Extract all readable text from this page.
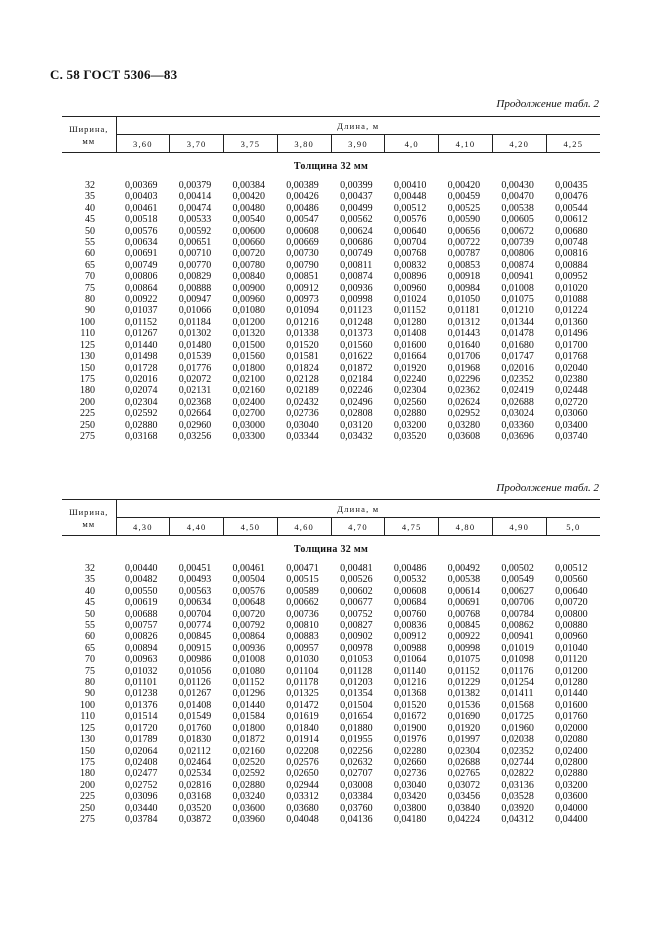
С. 58 ГОСТ 5306—83
Продолжение табл. 2
Ширина,
мм	Длина, м								
	3,60	3,70	3,75	3,80	3,90	4,0	4,10	4,20	4,25
Толщина 32 мм									

32	0,00369	0,00379	0,00384	0,00389	0,00399	0,00410	0,00420	0,00430	0,00435
35	0,00403	0,00414	0,00420	0,00426	0,00437	0,00448	0,00459	0,00470	0,00476
40	0,00461	0,00474	0,00480	0,00486	0,00499	0,00512	0,00525	0,00538	0,00544
45	0,00518	0,00533	0,00540	0,00547	0,00562	0,00576	0,00590	0,00605	0,00612
50	0,00576	0,00592	0,00600	0,00608	0,00624	0,00640	0,00656	0,00672	0,00680
55	0,00634	0,00651	0,00660	0,00669	0,00686	0,00704	0,00722	0,00739	0,00748
60	0,00691	0,00710	0,00720	0,00730	0,00749	0,00768	0,00787	0,00806	0,00816
65	0,00749	0,00770	0,00780	0,00790	0,00811	0,00832	0,00853	0,00874	0,00884
70	0,00806	0,00829	0,00840	0,00851	0,00874	0,00896	0,00918	0,00941	0,00952
75	0,00864	0,00888	0,00900	0,00912	0,00936	0,00960	0,00984	0,01008	0,01020
80	0,00922	0,00947	0,00960	0,00973	0,00998	0,01024	0,01050	0,01075	0,01088
90	0,01037	0,01066	0,01080	0,01094	0,01123	0,01152	0,01181	0,01210	0,01224
100	0,01152	0,01184	0,01200	0,01216	0,01248	0,01280	0,01312	0,01344	0,01360
110	0,01267	0,01302	0,01320	0,01338	0,01373	0,01408	0,01443	0,01478	0,01496
125	0,01440	0,01480	0,01500	0,01520	0,01560	0,01600	0,01640	0,01680	0,01700
130	0,01498	0,01539	0,01560	0,01581	0,01622	0,01664	0,01706	0,01747	0,01768
150	0,01728	0,01776	0,01800	0,01824	0,01872	0,01920	0,01968	0,02016	0,02040
175	0,02016	0,02072	0,02100	0,02128	0,02184	0,02240	0,02296	0,02352	0,02380
180	0,02074	0,02131	0,02160	0,02189	0,02246	0,02304	0,02362	0,02419	0,02448
200	0,02304	0,02368	0,02400	0,02432	0,02496	0,02560	0,02624	0,02688	0,02720
225	0,02592	0,02664	0,02700	0,02736	0,02808	0,02880	0,02952	0,03024	0,03060
250	0,02880	0,02960	0,03000	0,03040	0,03120	0,03200	0,03280	0,03360	0,03400
275	0,03168	0,03256	0,03300	0,03344	0,03432	0,03520	0,03608	0,03696	0,03740
Продолжение табл. 2
Ширина,
мм	Длина, м								
	4,30	4,40	4,50	4,60	4,70	4,75	4,80	4,90	5,0
Толщина 32 мм									

32	0,00440	0,00451	0,00461	0,00471	0,00481	0,00486	0,00492	0,00502	0,00512
35	0,00482	0,00493	0,00504	0,00515	0,00526	0,00532	0,00538	0,00549	0,00560
40	0,00550	0,00563	0,00576	0,00589	0,00602	0,00608	0,00614	0,00627	0,00640
45	0,00619	0,00634	0,00648	0,00662	0,00677	0,00684	0,00691	0,00706	0,00720
50	0,00688	0,00704	0,00720	0,00736	0,00752	0,00760	0,00768	0,00784	0,00800
55	0,00757	0,00774	0,00792	0,00810	0,00827	0,00836	0,00845	0,00862	0,00880
60	0,00826	0,00845	0,00864	0,00883	0,00902	0,00912	0,00922	0,00941	0,00960
65	0,00894	0,00915	0,00936	0,00957	0,00978	0,00988	0,00998	0,01019	0,01040
70	0,00963	0,00986	0,01008	0,01030	0,01053	0,01064	0,01075	0,01098	0,01120
75	0,01032	0,01056	0,01080	0,01104	0,01128	0,01140	0,01152	0,01176	0,01200
80	0,01101	0,01126	0,01152	0,01178	0,01203	0,01216	0,01229	0,01254	0,01280
90	0,01238	0,01267	0,01296	0,01325	0,01354	0,01368	0,01382	0,01411	0,01440
100	0,01376	0,01408	0,01440	0,01472	0,01504	0,01520	0,01536	0,01568	0,01600
110	0,01514	0,01549	0,01584	0,01619	0,01654	0,01672	0,01690	0,01725	0,01760
125	0,01720	0,01760	0,01800	0,01840	0,01880	0,01900	0,01920	0,01960	0,02000
130	0,01789	0,01830	0,01872	0,01914	0,01955	0,01976	0,01997	0,02038	0,02080
150	0,02064	0,02112	0,02160	0,02208	0,02256	0,02280	0,02304	0,02352	0,02400
175	0,02408	0,02464	0,02520	0,02576	0,02632	0,02660	0,02688	0,02744	0,02800
180	0,02477	0,02534	0,02592	0,02650	0,02707	0,02736	0,02765	0,02822	0,02880
200	0,02752	0,02816	0,02880	0,02944	0,03008	0,03040	0,03072	0,03136	0,03200
225	0,03096	0,03168	0,03240	0,03312	0,03384	0,03420	0,03456	0,03528	0,03600
250	0,03440	0,03520	0,03600	0,03680	0,03760	0,03800	0,03840	0,03920	0,04000
275	0,03784	0,03872	0,03960	0,04048	0,04136	0,04180	0,04224	0,04312	0,04400
